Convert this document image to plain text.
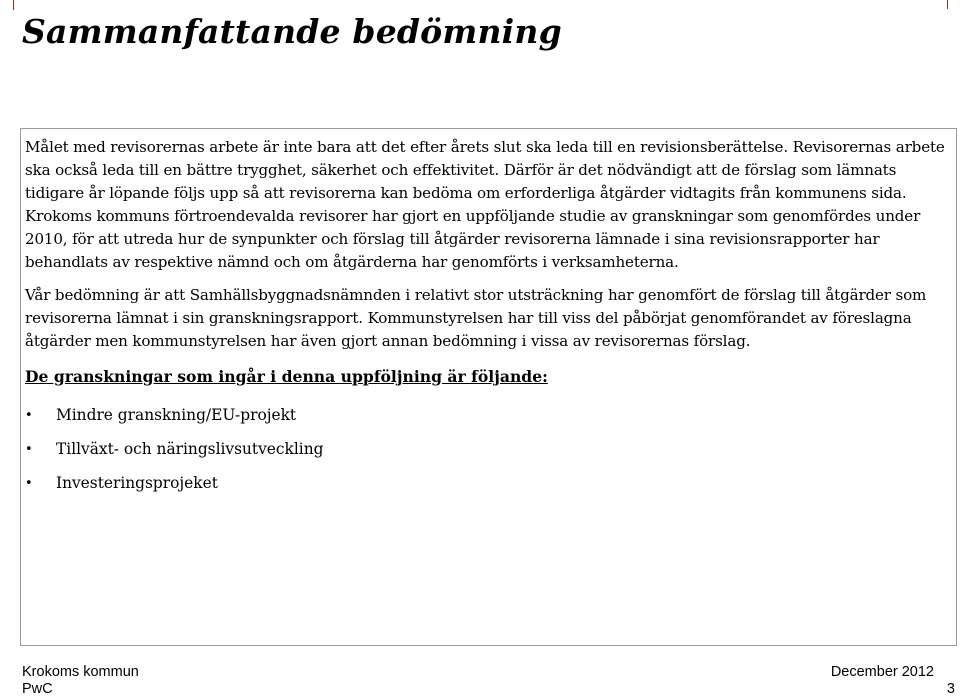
Sammanfattande bedömning

Målet med revisorernas arbete är inte bara att det efter årets slut ska leda till en revisionsberättelse. Revisorernas arbete ska också leda till en bättre trygghet, säkerhet och effektivitet. Därför är det nödvändigt att de förslag som lämnats tidigare år löpande följs upp så att revisorerna kan bedöma om erforderliga åtgärder vidtagits från kommunens sida.

Krokoms kommuns förtroendevalda revisorer har gjort en uppföljande studie av granskningar som genomfördes under 2010, för att utreda hur de synpunkter och förslag till åtgärder revisorerna lämnade i sina revisionsrapporter har behandlats av respektive nämnd och om åtgärderna har genomförts i verksamheterna.

Vår bedömning är att Samhällsbyggnadsnämnden i relativt stor utsträckning har genomfört de förslag till åtgärder som revisorerna lämnat i sin granskningsrapport. Kommunstyrelsen har till viss del påbörjat genomförandet av föreslagna åtgärder men kommunstyrelsen har även gjort annan bedömning i vissa av revisorernas förslag.

De granskningar som ingår i denna uppföljning är följande:

• Mindre granskning/EU-projekt
• Tillväxt- och näringslivsutveckling
• Investeringsprojeket
Krokoms kommun
PwC
December 2012
3
